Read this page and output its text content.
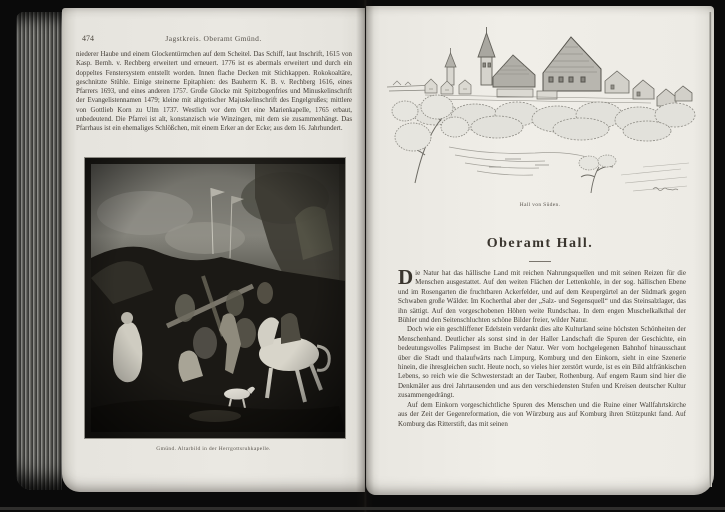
474	Jagstkreis. Oberamt Gmünd.
niederer Haube und einem Glockentürmchen auf dem Scheitel. Das Schiff, laut Inschrift, 1615 von Kasp. Bernh. v. Rechberg erweitert und erneuert. 1776 ist es abermals erweitert und durch ein doppeltes Fenstersystem entstellt worden. Innen flache Decken mit Stichkappen. Rokokoaltäre, geschnitzte Stühle. Einige steinerne Epitaphien: des Bauherrn K. B. v. Rechberg 1616, eines Pfarrers 1693, und eines anderen 1757. Große Glocke mit Spitzbogenfries und Minuskelinschrift der Evangelistennamen 1479; kleine mit altgotischer Majuskelinschrift des Engelgrußes; mittlere von Gottlieb Korn zu Ulm 1737. Westlich vor dem Ort eine Marienkapelle, 1765 erbaut, unbedeutend. Die Pfarrei ist alt, konstanzisch wie Winzingen, mit dem sie zusammenhängt. Das Pfarrhaus ist ein ehemaliges Schlößchen, mit einem Erker an der Ecke; aus dem 16. Jahrhundert.
Gmünd. Altarbild in der Herrgottsruhkapelle.
Hall von Süden.
Oberamt Hall.

Die Natur hat das hällische Land mit reichen Nahrungsquellen und mit seinen Reizen für die Menschen ausgestattet. Auf den weiten Flächen der Lettenkohle, in der sog. hällischen Ebene und im Rosengarten die fruchtbaren Ackerfelder, und auf dem Keupergürtel an der Südmark gegen Schwaben große Wälder. Im Kocherthal aber der „Salz- und Segensquell“ und das Steinsalzlager, das ihn sättigt. Auf den vorgeschobenen Höhen weite Rundschau. In dem engen Muschelkalkthal der Bühler und den Seitenschluchten schöne Bilder freier, wilder Natur.

Doch wie ein geschliffener Edelstein verdankt dies alte Kulturland seine höchsten Schönheiten der Menschenhand. Deutlicher als sonst sind in der Haller Landschaft die Spuren der Geschichte, ein bedeutungsvolles Palimpsest im Buche der Natur. Wer vom hochgelegenen Bahnhof hinausschaut über die Stadt und thalaufwärts nach Limpurg, Komburg und den Einkorn, sieht in eine Szenerie hinein, die ihresgleichen sucht. Heute noch, so vieles hier zerstört wurde, ist es ein Bild altfränkischen Lebens, so reich wie die Schwesterstadt an der Tauber, Rothenburg. Auf engem Raum sind hier die Denkmäler aus drei Jahrtausenden und aus den verschiedensten Stufen und Kreisen deutscher Kultur zusammengedrängt.

Auf dem Einkorn vorgeschichtliche Spuren des Menschen und die Ruine einer Wallfahrtskirche aus der Zeit der Gegenreformation, die von Würzburg aus auf Komburg ihren Stützpunkt fand. Auf Komburg das Ritterstift, das mit seinen
